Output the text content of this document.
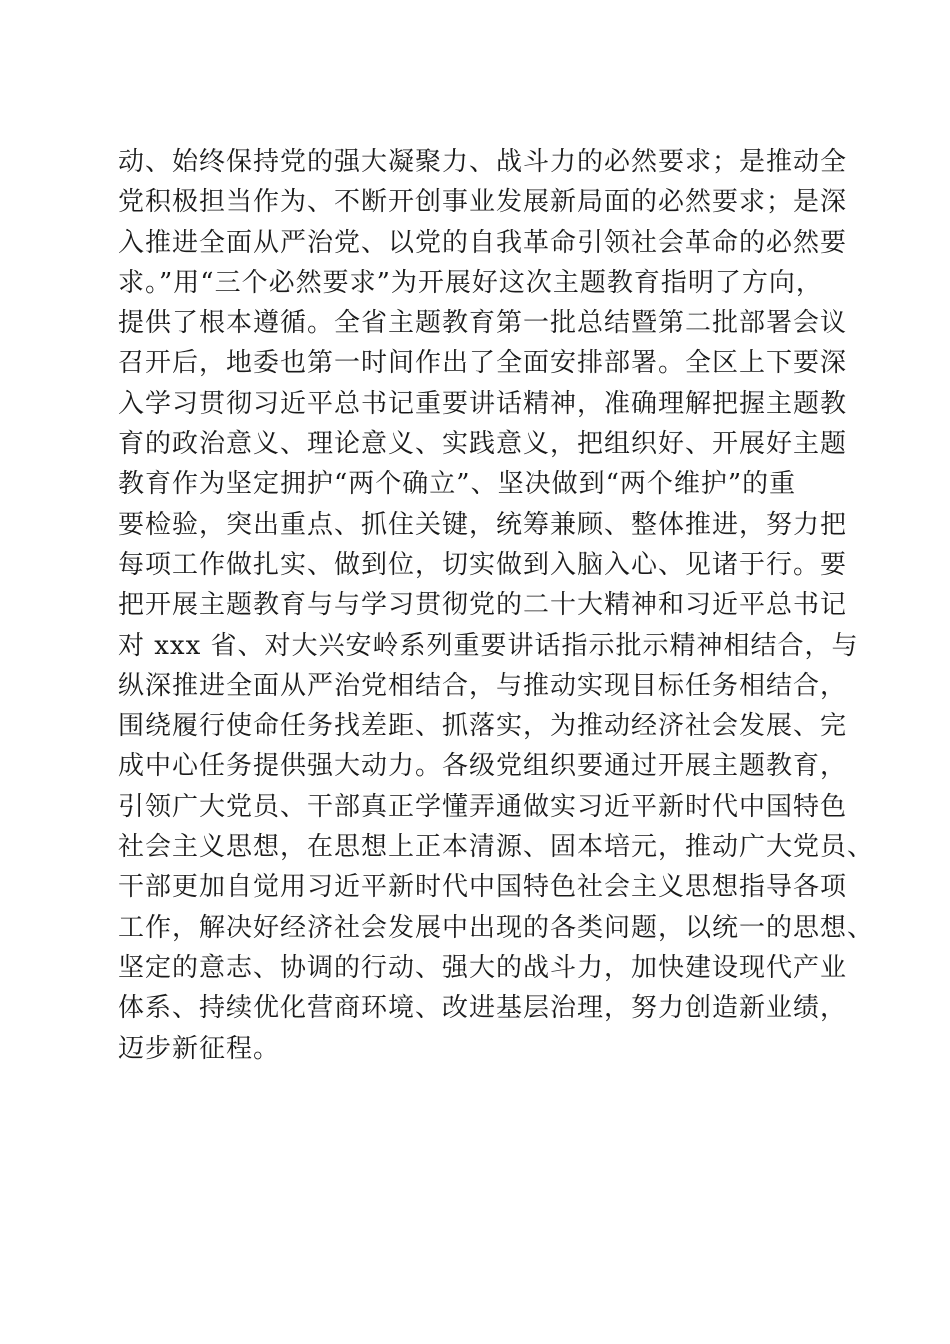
动、始终保持党的强大凝聚力、战斗力的必然要求；是推动全
党积极担当作为、不断开创事业发展新局面的必然要求；是深
入推进全面从严治党、以党的自我革命引领社会革命的必然要
求。”用“三个必然要求”为开展好这次主题教育指明了方向，
提供了根本遵循。全省主题教育第一批总结暨第二批部署会议
召开后，地委也第一时间作出了全面安排部署。全区上下要深
入学习贯彻习近平总书记重要讲话精神，准确理解把握主题教
育的政治意义、理论意义、实践意义，把组织好、开展好主题
教育作为坚定拥护“两个确立”、坚决做到“两个维护”的重
要检验，突出重点、抓住关键，统筹兼顾、整体推进，努力把
每项工作做扎实、做到位，切实做到入脑入心、见诸于行。要
把开展主题教育与与学习贯彻党的二十大精神和习近平总书记
对 xxx 省、对大兴安岭系列重要讲话指示批示精神相结合，与
纵深推进全面从严治党相结合，与推动实现目标任务相结合，
围绕履行使命任务找差距、抓落实，为推动经济社会发展、完
成中心任务提供强大动力。各级党组织要通过开展主题教育，
引领广大党员、干部真正学懂弄通做实习近平新时代中国特色
社会主义思想，在思想上正本清源、固本培元，推动广大党员、
干部更加自觉用习近平新时代中国特色社会主义思想指导各项
工作，解决好经济社会发展中出现的各类问题，以统一的思想、
坚定的意志、协调的行动、强大的战斗力，加快建设现代产业
体系、持续优化营商环境、改进基层治理，努力创造新业绩，
迈步新征程。
